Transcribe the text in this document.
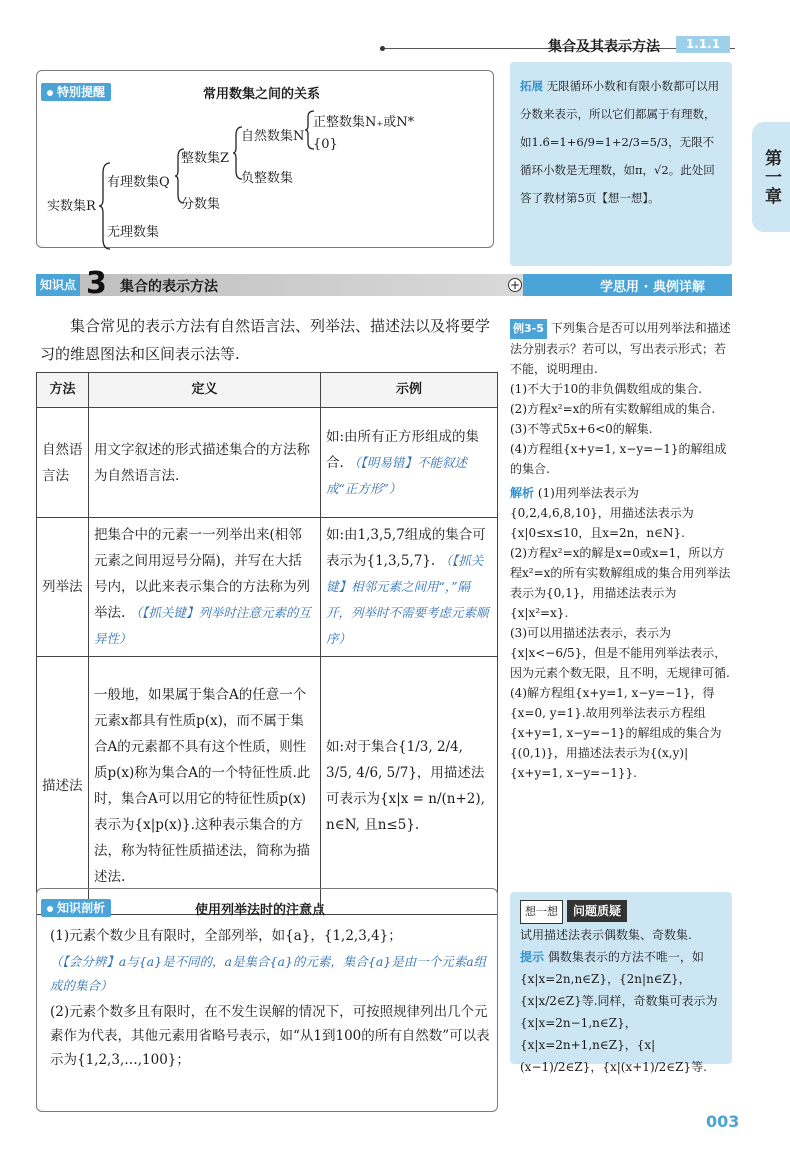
集合及其表示方法	1.1.1
第一章
特别提醒	常用数集之间的关系
实数集R
有理数集Q
无理数集
整数集Z
分数集
自然数集N
负整数集
正整数集N₊或N*
{0}
拓展 无限循环小数和有限小数都可以用分数来表示，所以它们都属于有理数，如1.6̇=1+6/9=1+2/3=5/3，无限不循环小数是无理数，如π，√2。此处回答了教材第5页【想一想】。
知识点 3 集合的表示方法	+	学思用 · 典例详解
集合常见的表示方法有自然语言法、列举法、描述法以及将要学习的维恩图法和区间表示法等.
方法	定义	示例
自然语言法	用文字叙述的形式描述集合的方法称为自然语言法.	如:由所有正方形组成的集合. （【明易错】不能叙述成“正方形”）
列举法	把集合中的元素一一列举出来(相邻元素之间用逗号分隔)，并写在大括号内，以此来表示集合的方法称为列举法. （【抓关键】列举时注意元素的互异性）	如:由1,3,5,7组成的集合可表示为{1,3,5,7}. （【抓关键】相邻元素之间用“，”隔开，列举时不需要考虑元素顺序）
描述法	一般地，如果属于集合A的任意一个元素x都具有性质p(x)，而不属于集合A的元素都不具有这个性质，则性质p(x)称为集合A的一个特征性质.此时，集合A可以用它的特征性质p(x)表示为{x|p(x)}.这种表示集合的方法，称为特征性质描述法，简称为描述法.	如:对于集合{1/3, 2/4, 3/5, 4/6, 5/7}，用描述法可表示为{x|x = n/(n+2), n∈N, 且n≤5}.
知识剖析	使用列举法时的注意点
(1)元素个数少且有限时，全部列举，如{a}，{1,2,3,4}；
（【会分辨】a与{a}是不同的，a是集合{a}的元素，集合{a}是由一个元素a组成的集合）
(2)元素个数多且有限时，在不发生误解的情况下，可按照规律列出几个元素作为代表，其他元素用省略号表示，如“从1到100的所有自然数”可以表示为{1,2,3,…,100}；
例3-5 下列集合是否可以用列举法和描述法分别表示？若可以，写出表示形式；若不能，说明理由.
(1)不大于10的非负偶数组成的集合.
(2)方程x²=x的所有实数解组成的集合.
(3)不等式5x+6<0的解集.
(4)方程组{x+y=1, x−y=−1}的解组成的集合.
解析 (1)用列举法表示为{0,2,4,6,8,10}，用描述法表示为{x|0≤x≤10，且x=2n，n∈N}.
(2)方程x²=x的解是x=0或x=1，所以方程x²=x的所有实数解组成的集合用列举法表示为{0,1}，用描述法表示为{x|x²=x}.
(3)可以用描述法表示，表示为{x|x<−6/5}，但是不能用列举法表示，因为元素个数无限，且不明，无规律可循.
(4)解方程组{x+y=1, x−y=−1}，得{x=0, y=1}.故用列举法表示方程组{x+y=1, x−y=−1}的解组成的集合为{(0,1)}，用描述法表示为{(x,y)|{x+y=1, x−y=−1}}.
想一想 问题质疑
试用描述法表示偶数集、奇数集.
提示 偶数集表示的方法不唯一，如{x|x=2n,n∈Z}，{2n|n∈Z}，{x|x/2∈Z}等.同样，奇数集可表示为{x|x=2n−1,n∈Z}，{x|x=2n+1,n∈Z}，{x|(x−1)/2∈Z}，{x|(x+1)/2∈Z}等.
003
